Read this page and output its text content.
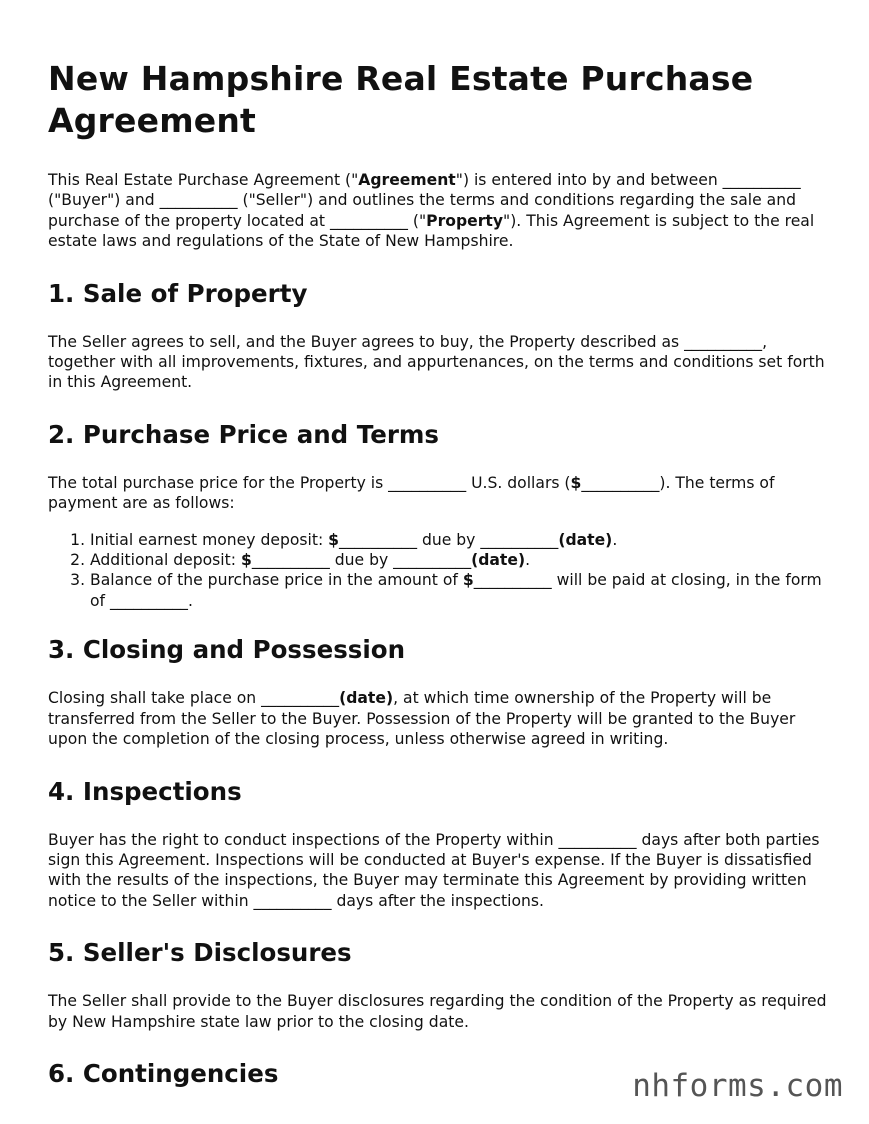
New Hampshire Real Estate Purchase Agreement

This Real Estate Purchase Agreement ("Agreement") is entered into by and between __________ ("Buyer") and __________ ("Seller") and outlines the terms and conditions regarding the sale and purchase of the property located at __________ ("Property"). This Agreement is subject to the real estate laws and regulations of the State of New Hampshire.

1. Sale of Property

The Seller agrees to sell, and the Buyer agrees to buy, the Property described as __________, together with all improvements, fixtures, and appurtenances, on the terms and conditions set forth in this Agreement.

2. Purchase Price and Terms

The total purchase price for the Property is __________ U.S. dollars ($__________). The terms of payment are as follows:

1. Initial earnest money deposit: $__________ due by __________(date).
2. Additional deposit: $__________ due by __________(date).
3. Balance of the purchase price in the amount of $__________ will be paid at closing, in the form of __________.
3. Closing and Possession

Closing shall take place on __________(date), at which time ownership of the Property will be transferred from the Seller to the Buyer. Possession of the Property will be granted to the Buyer upon the completion of the closing process, unless otherwise agreed in writing.

4. Inspections

Buyer has the right to conduct inspections of the Property within __________ days after both parties sign this Agreement. Inspections will be conducted at Buyer's expense. If the Buyer is dissatisfied with the results of the inspections, the Buyer may terminate this Agreement by providing written notice to the Seller within __________ days after the inspections.

5. Seller's Disclosures

The Seller shall provide to the Buyer disclosures regarding the condition of the Property as required by New Hampshire state law prior to the closing date.

6. Contingencies	nhforms.com
